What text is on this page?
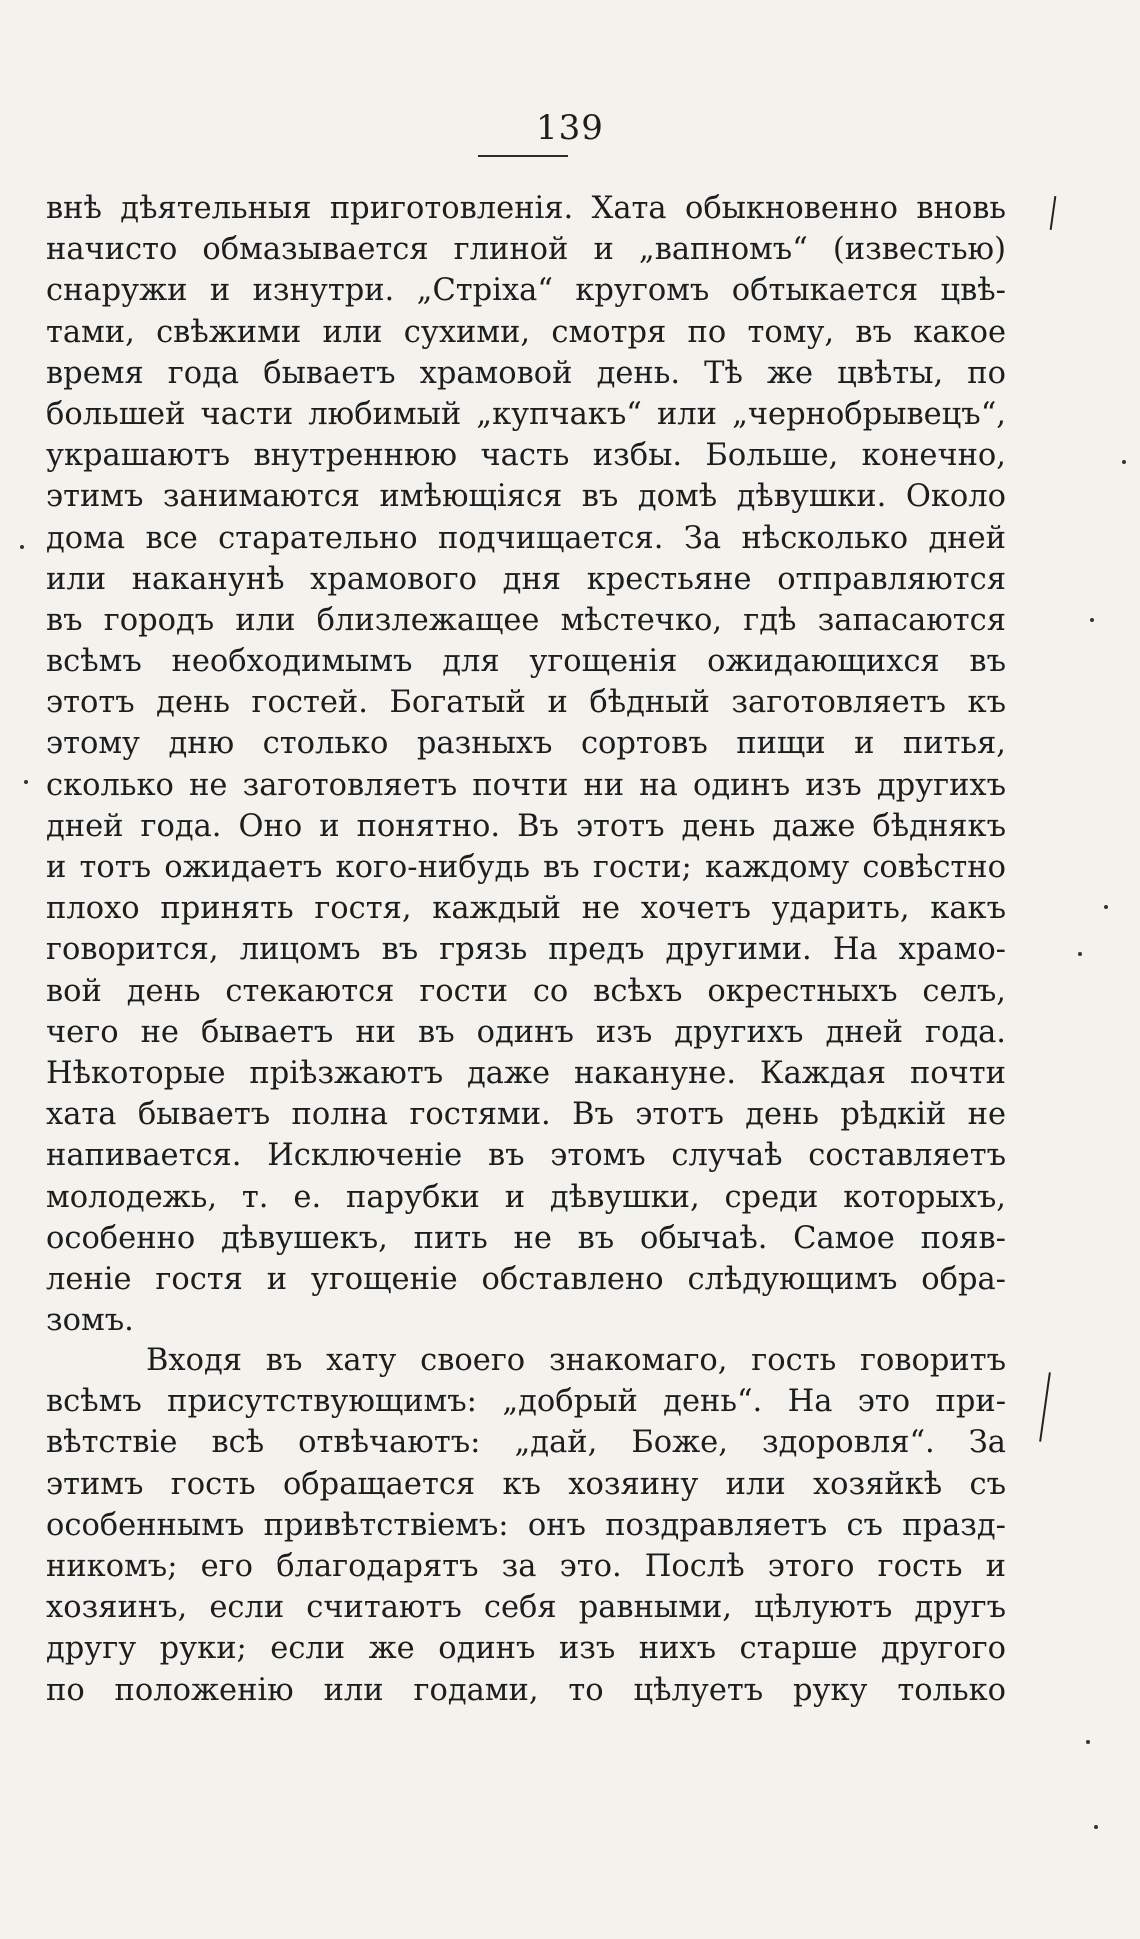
139
внѣ дѣятельныя приготовленія. Хата обыкновенно вновь
начисто обмазывается глиной и „вапномъ“ (известью)
снаружи и изнутри. „Стріха“ кругомъ обтыкается цвѣ-
тами, свѣжими или сухими, смотря по тому, въ какое
время года бываетъ храмовой день. Тѣ же цвѣты, по
большей части любимый „купчакъ“ или „чернобрывецъ“,
украшаютъ внутреннюю часть избы. Больше, конечно,
этимъ занимаются имѣющіяся въ домѣ дѣвушки. Около
дома все старательно подчищается. За нѣсколько дней
или наканунѣ храмового дня крестьяне отправляются
въ городъ или близлежащее мѣстечко, гдѣ запасаются
всѣмъ необходимымъ для угощенія ожидающихся въ
этотъ день гостей. Богатый и бѣдный заготовляетъ къ
этому дню столько разныхъ сортовъ пищи и питья,
сколько не заготовляетъ почти ни на одинъ изъ другихъ
дней года. Оно и понятно. Въ этотъ день даже бѣднякъ
и тотъ ожидаетъ кого-нибудь въ гости; каждому совѣстно
плохо принять гостя, каждый не хочетъ ударить, какъ
говорится, лицомъ въ грязь предъ другими. На храмо-
вой день стекаются гости со всѣхъ окрестныхъ селъ,
чего не бываетъ ни въ одинъ изъ другихъ дней года.
Нѣкоторые пріѣзжаютъ даже накануне. Каждая почти
хата бываетъ полна гостями. Въ этотъ день рѣдкій не
напивается. Исключеніе въ этомъ случаѣ составляетъ
молодежь, т. е. парубки и дѣвушки, среди которыхъ,
особенно дѣвушекъ, пить не въ обычаѣ. Самое появ-
леніе гостя и угощеніе обставлено слѣдующимъ обра-
зомъ.
Входя въ хату своего знакомаго, гость говоритъ
всѣмъ присутствующимъ: „добрый день“. На это при-
вѣтствіе всѣ отвѣчаютъ: „дай, Боже, здоровля“. За
этимъ гость обращается къ хозяину или хозяйкѣ съ
особеннымъ привѣтствіемъ: онъ поздравляетъ съ празд-
никомъ; его благодарятъ за это. Послѣ этого гость и
хозяинъ, если считаютъ себя равными, цѣлуютъ другъ
другу руки; если же одинъ изъ нихъ старше другого
по положенію или годами, то цѣлуетъ руку только
